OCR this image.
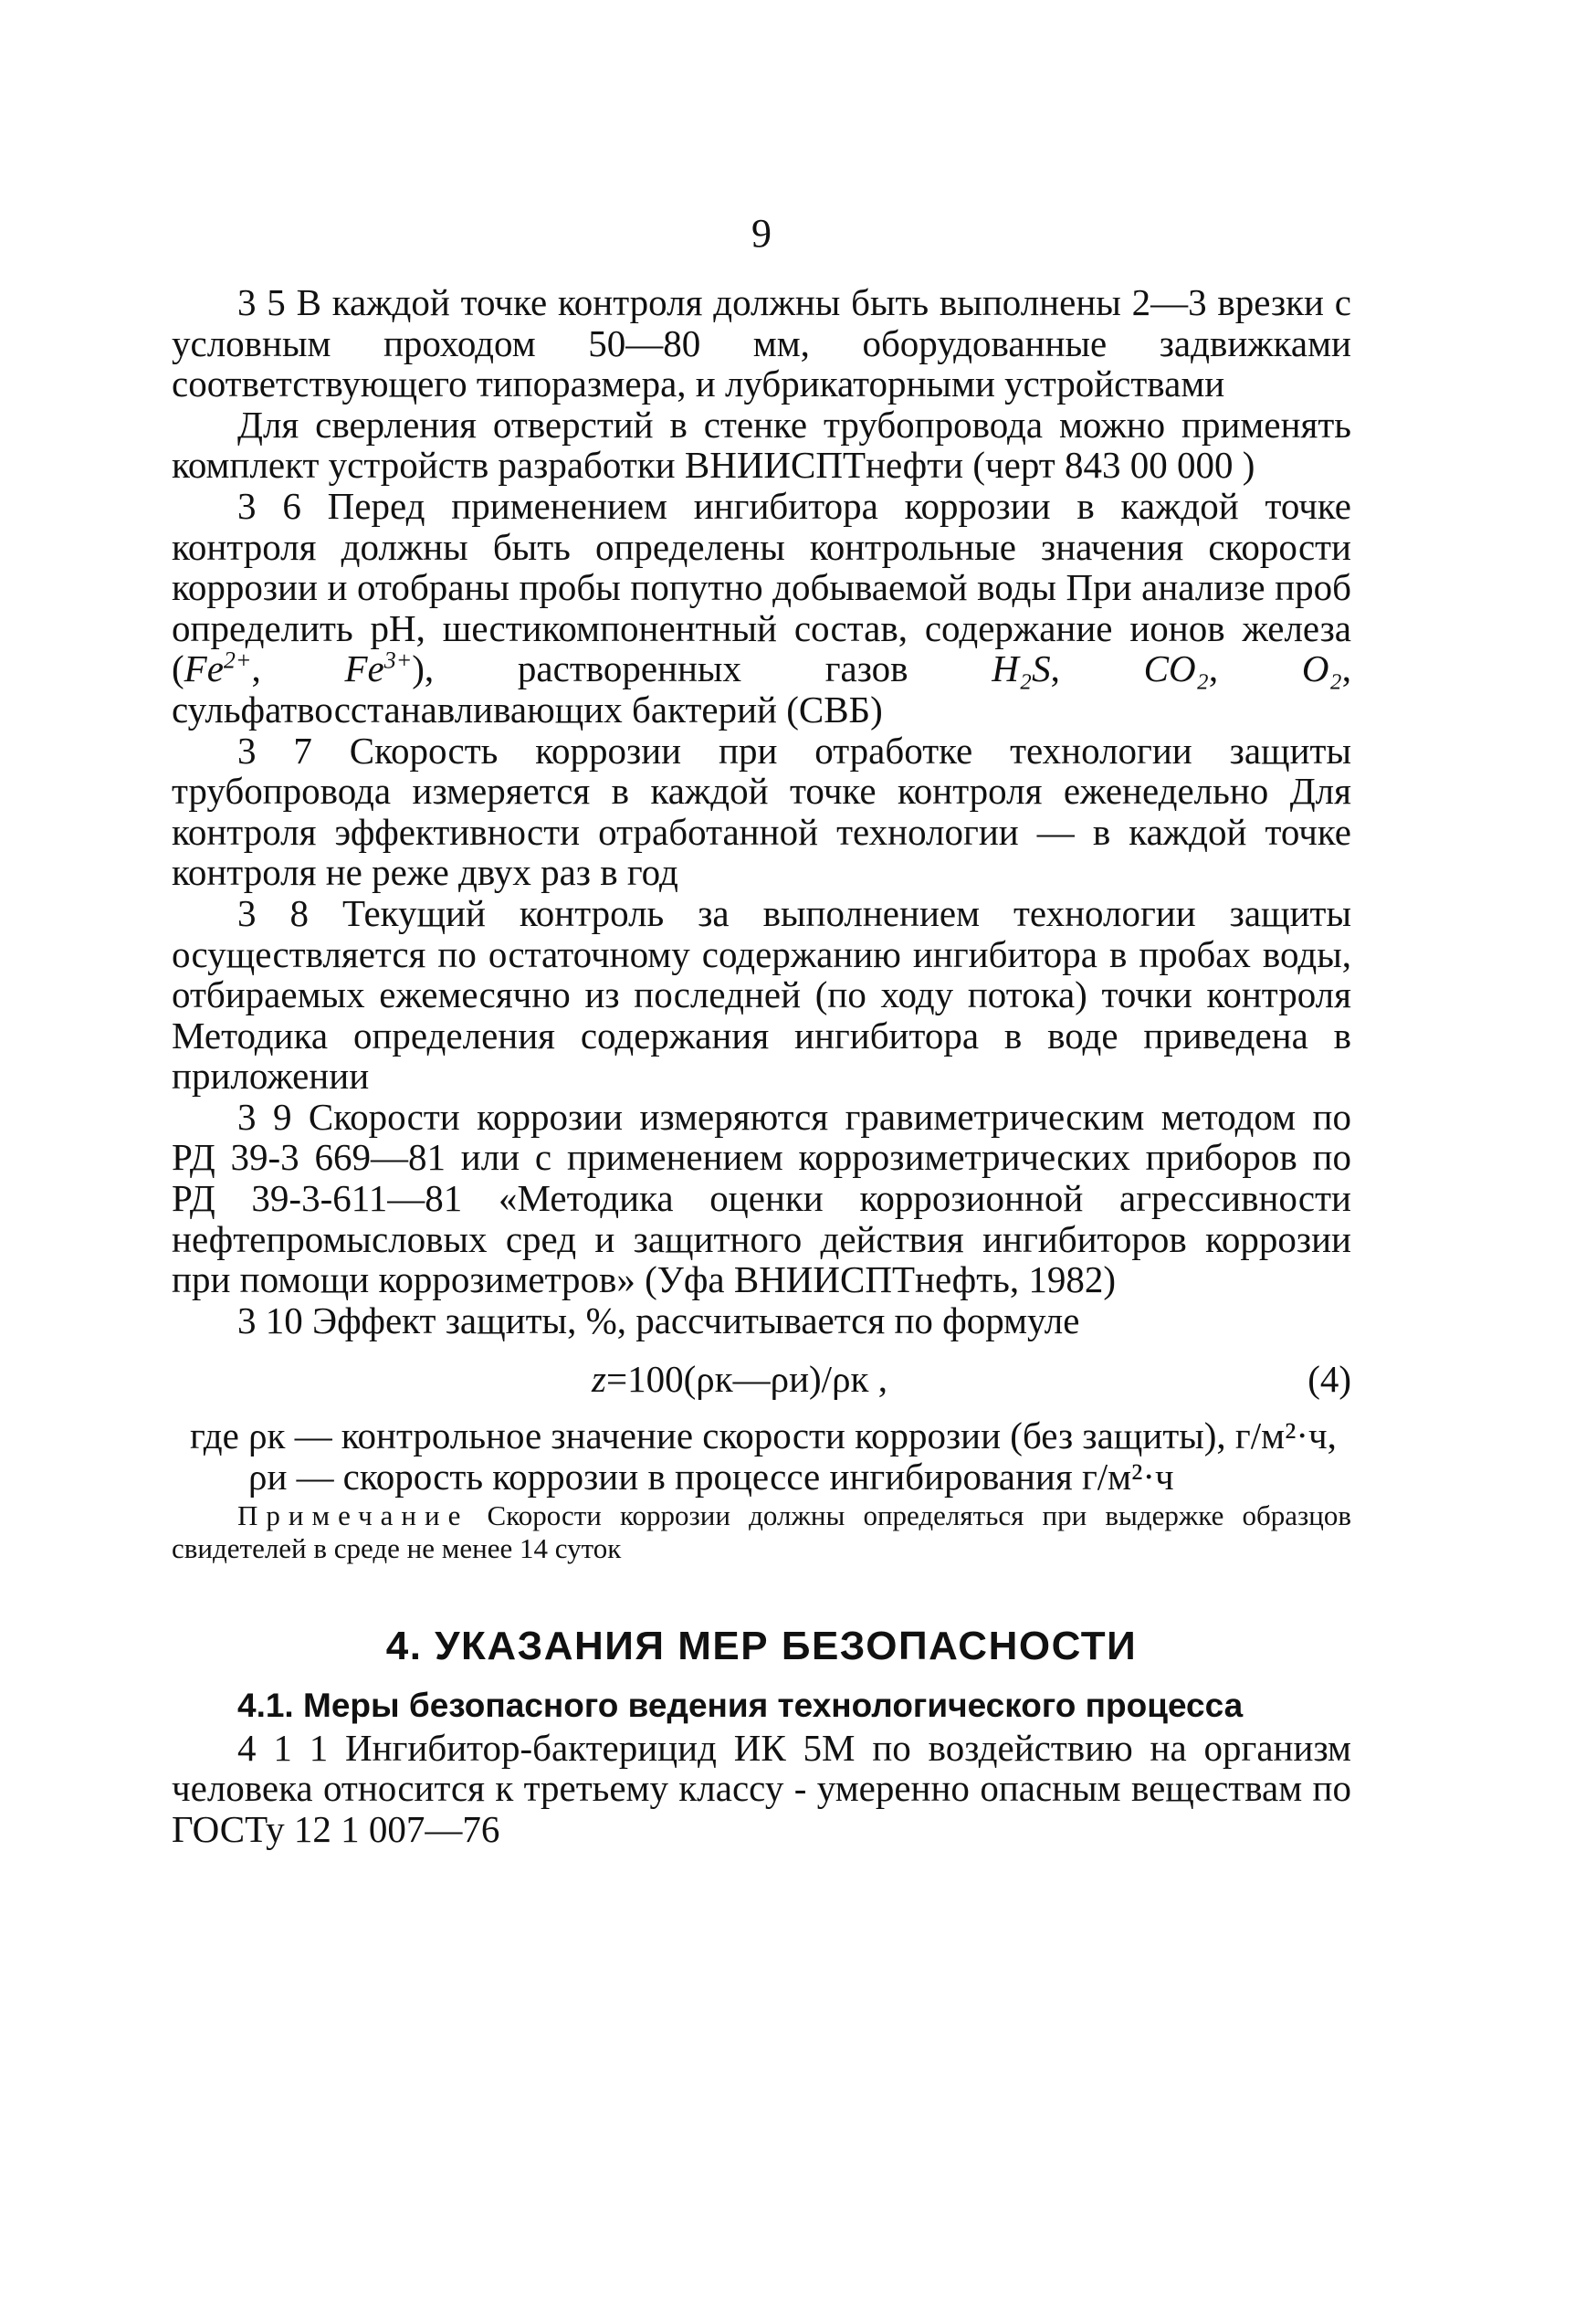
9

3 5 В каждой точке контроля должны быть выполнены 2—3 врезки с условным проходом 50—80 мм, оборудованные задвижками соответствующего типоразмера, и лубрикаторными устройствами

Для сверления отверстий в стенке трубопровода можно применять комплект устройств разработки ВНИИСПТнефти (черт 843 00 000 )

3 6 Перед применением ингибитора коррозии в каждой точке контроля должны быть определены контрольные значения скорости коррозии и отобраны пробы попутно добываемой воды При анализе проб определить pH, шестикомпонентный состав, содержание ионов железа ($Fe^{2+}$, $Fe^{3+}$), растворенных газов H₂S, CO₂, O₂, сульфатвосстанавливающих бактерий (СВБ)

3 7 Скорость коррозии при отработке технологии защиты трубопровода измеряется в каждой точке контроля еженедельно Для контроля эффективности отработанной технологии — в каждой точке контроля не реже двух раз в год

3 8 Текущий контроль за выполнением технологии защиты осуществляется по остаточному содержанию ингибитора в пробах воды, отбираемых ежемесячно из последней (по ходу потока) точки контроля Методика определения содержания ингибитора в воде приведена в приложении

3 9 Скорости коррозии измеряются гравиметрическим методом по РД 39-3 669—81 или с применением коррозиметрических приборов по РД 39-3-611—81 «Методика оценки коррозионной агрессивности нефтепромысловых сред и защитного действия ингибиторов коррозии при помощи коррозиметров» (Уфа ВНИИСПТнефть, 1982)

3 10 Эффект защиты, %, рассчитывается по формуле

z=100(ρк—ρи)/ρк ,	(4)
где ρк — контрольное значение скорости коррозии (без защиты), г/м²·ч,
ρи — скорость коррозии в процессе ингибирования г/м²·ч
Примечание Скорости коррозии должны определяться при выдержке образцов свидетелей в среде не менее 14 суток
4. УКАЗАНИЯ МЕР БЕЗОПАСНОСТИ
4.1. Меры безопасного ведения технологического процесса

4 1 1 Ингибитор-бактерицид ИК 5М по воздействию на организм человека относится к третьему классу - умеренно опасным веществам по ГОСТу 12 1 007—76
